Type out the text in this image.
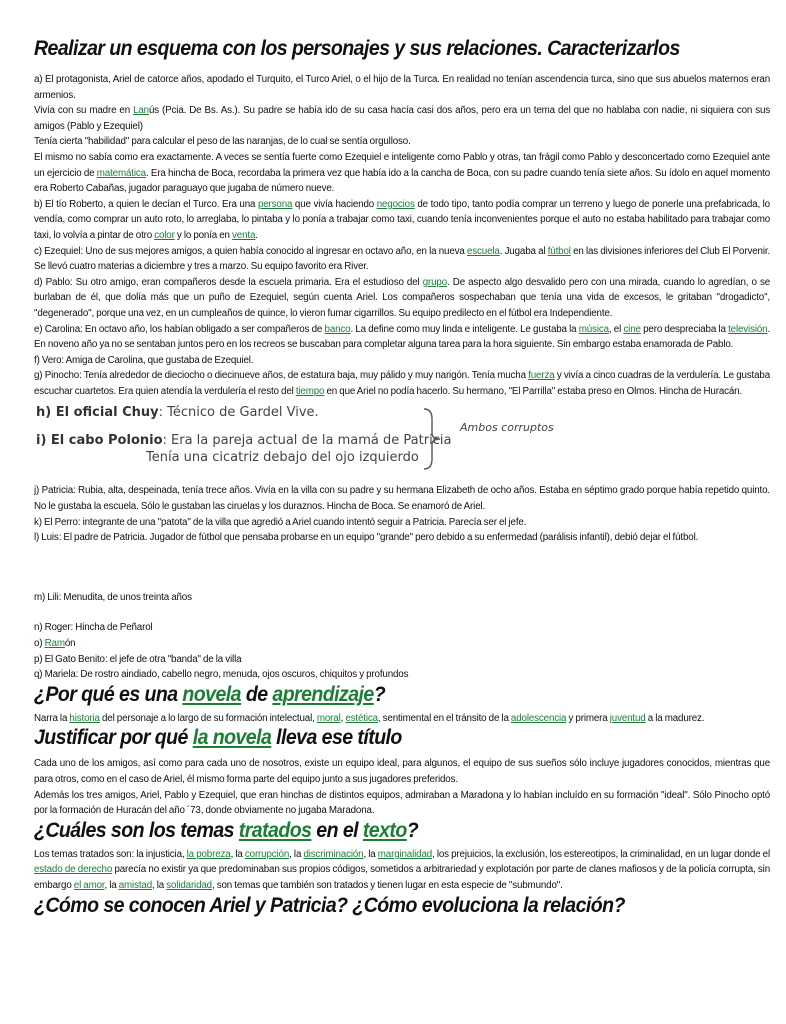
Realizar un esquema con los personajes y sus relaciones. Caracterizarlos

a) El protagonista, Ariel de catorce años, apodado el Turquito, el Turco Ariel, o el hijo de la Turca. En realidad no tenían ascendencia turca, sino que sus abuelos maternos eran armenios.

Vivía con su madre en Lanús (Pcia. De Bs. As.). Su padre se había ido de su casa hacía casi dos años, pero era un tema del que no hablaba con nadie, ni siquiera con sus amigos (Pablo y Ezequiel)

Tenía cierta "habilidad" para calcular el peso de las naranjas, de lo cual se sentía orgulloso.

El mismo no sabía como era exactamente. A veces se sentía fuerte como Ezequiel e inteligente como Pablo y otras, tan frágil como Pablo y desconcertado como Ezequiel ante un ejercicio de matemática. Era hincha de Boca, recordaba la primera vez que había ido a la cancha de Boca, con su padre cuando tenía siete años. Su ídolo en aquel momento era Roberto Cabañas, jugador paraguayo que jugaba de número nueve.

b) El tío Roberto, a quien le decían el Turco. Era una persona que vivía haciendo negocios de todo tipo, tanto podía comprar un terreno y luego de ponerle una prefabricada, lo vendía, como comprar un auto roto, lo arreglaba, lo pintaba y lo ponía a trabajar como taxi, cuando tenía inconvenientes porque el auto no estaba habilitado para trabajar como taxi, lo volvía a pintar de otro color y lo ponía en venta.

c) Ezequiel: Uno de sus mejores amigos, a quien había conocido al ingresar en octavo año, en la nueva escuela. Jugaba al fútbol en las divisiones inferiores del Club El Porvenir. Se llevó cuatro materias a diciembre y tres a marzo. Su equipo favorito era River.

d) Pablo: Su otro amigo, eran compañeros desde la escuela primaria. Era el estudioso del grupo. De aspecto algo desvalido pero con una mirada, cuando lo agredían, o se burlaban de él, que dolía más que un puño de Ezequiel, según cuenta Ariel. Los compañeros sospechaban que tenía una vida de excesos, le gritaban "drogadicto", "degenerado", porque una vez, en un cumpleaños de quince, lo vieron fumar cigarrillos. Su equipo predilecto en el fútbol era Independiente.

e) Carolina: En octavo año, los habían obligado a ser compañeros de banco. La define como muy linda e inteligente. Le gustaba la música, el cine pero despreciaba la televisión. En noveno año ya no se sentaban juntos pero en los recreos se buscaban para completar alguna tarea para la hora siguiente. Sin embargo estaba enamorada de Pablo.

f) Vero: Amiga de Carolina, que gustaba de Ezequiel.

g) Pinocho: Tenía alrededor de dieciocho o diecinueve años, de estatura baja, muy pálido y muy narigón. Tenía mucha fuerza y vivía a cinco cuadras de la verdulería. Le gustaba escuchar cuartetos. Era quien atendía la verdulería el resto del tiempo en que Ariel no podía hacerlo. Su hermano, "El Parrilla" estaba preso en Olmos. Hincha de Huracán.

h) El oficial Chuy: Técnico de Gardel Vive.
i) El cabo Polonio: Era la pareja actual de la mamá de Patricia
Tenía una cicatriz debajo del ojo izquierdo
Ambos corruptos

j) Patricia: Rubia, alta, despeinada, tenía trece años. Vivía en la villa con su padre y su hermana Elizabeth de ocho años. Estaba en séptimo grado porque había repetido quinto. No le gustaba la escuela. Sólo le gustaban las ciruelas y los duraznos. Hincha de Boca. Se enamoró de Ariel.

k) El Perro: integrante de una "patota" de la villa que agredió a Ariel cuando intentó seguir a Patricia. Parecía ser el jefe.

l) Luis: El padre de Patricia. Jugador de fútbol que pensaba probarse en un equipo "grande" pero debido a su enfermedad (parálisis infantil), debió dejar el fútbol.

m) Lili: Menudita, de unos treinta años

n) Roger: Hincha de Peñarol

o) Ramón

p) El Gato Benito: el jefe de otra "banda" de la villa

q) Mariela: De rostro aindiado, cabello negro, menuda, ojos oscuros, chiquitos y profundos

¿Por qué es una novela de aprendizaje?

Narra la historia del personaje a lo largo de su formación intelectual, moral, estética, sentimental en el tránsito de la adolescencia y primera juventud a la madurez.

Justificar por qué la novela lleva ese título

Cada uno de los amigos, así como para cada uno de nosotros, existe un equipo ideal, para algunos, el equipo de sus sueños sólo incluye jugadores conocidos, mientras que para otros, como en el caso de Ariel, él mismo forma parte del equipo junto a sus jugadores preferidos.

Además los tres amigos, Ariel, Pablo y Ezequiel, que eran hinchas de distintos equipos, admiraban a Maradona y lo habían incluído en su formación "ideal". Sólo Pinocho optó por la formación de Huracán del año ´73, donde obviamente no jugaba Maradona.

¿Cuáles son los temas tratados en el texto?

Los temas tratados son: la injusticia, la pobreza, la corrupción, la discriminación, la marginalidad, los prejuicios, la exclusión, los estereotipos, la criminalidad, en un lugar donde el estado de derecho parecía no existir ya que predominaban sus propios códigos, sometidos a arbitrariedad y explotación por parte de clanes mafiosos y de la policía corrupta, sin embargo el amor, la amistad, la solidaridad, son temas que también son tratados y tienen lugar en esta especie de "submundo".

¿Cómo se conocen Ariel y Patricia? ¿Cómo evoluciona la relación?
